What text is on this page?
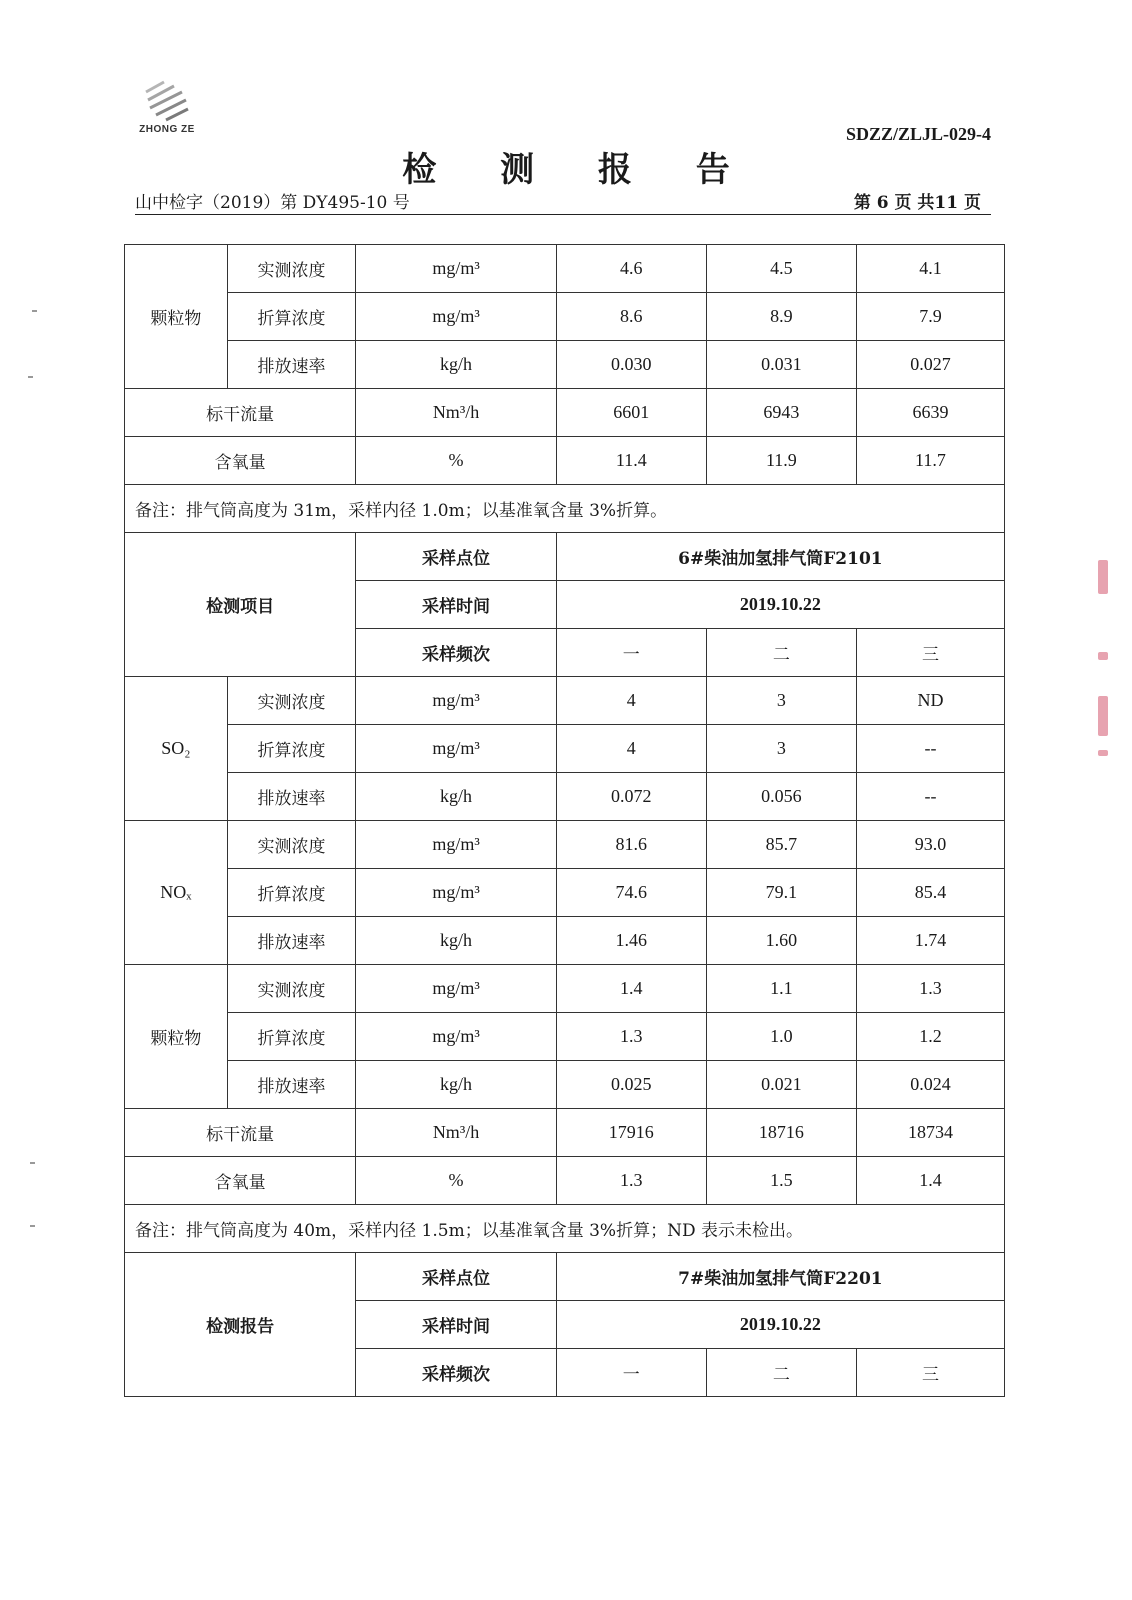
ZHONG ZE	SDZZ/ZLJL-029-4
检 测 报 告
山中检字（2019）第 DY495-10 号	第 6 页 共11 页
颗粒物	实测浓度	mg/m³	4.6	4.5	4.1
	折算浓度	mg/m³	8.6	8.9	7.9
	排放速率	kg/h	0.030	0.031	0.027
标干流量		Nm³/h	6601	6943	6639
含氧量		%	11.4	11.9	11.7
备注：排气筒高度为 31m，采样内径 1.0m；以基准氧含量 3%折算。					
检测项目		采样点位	6#柴油加氢排气筒F2101		
		采样时间	2019.10.22		
		采样频次	一	二	三
SO₂	实测浓度	mg/m³	4	3	ND
	折算浓度	mg/m³	4	3	--
	排放速率	kg/h	0.072	0.056	--
NOₓ	实测浓度	mg/m³	81.6	85.7	93.0
	折算浓度	mg/m³	74.6	79.1	85.4
	排放速率	kg/h	1.46	1.60	1.74
颗粒物	实测浓度	mg/m³	1.4	1.1	1.3
	折算浓度	mg/m³	1.3	1.0	1.2
	排放速率	kg/h	0.025	0.021	0.024
标干流量		Nm³/h	17916	18716	18734
含氧量		%	1.3	1.5	1.4
备注：排气筒高度为 40m，采样内径 1.5m；以基准氧含量 3%折算；ND 表示未检出。					
检测报告		采样点位	7#柴油加氢排气筒F2201		
		采样时间	2019.10.22		
		采样频次	一	二	三
